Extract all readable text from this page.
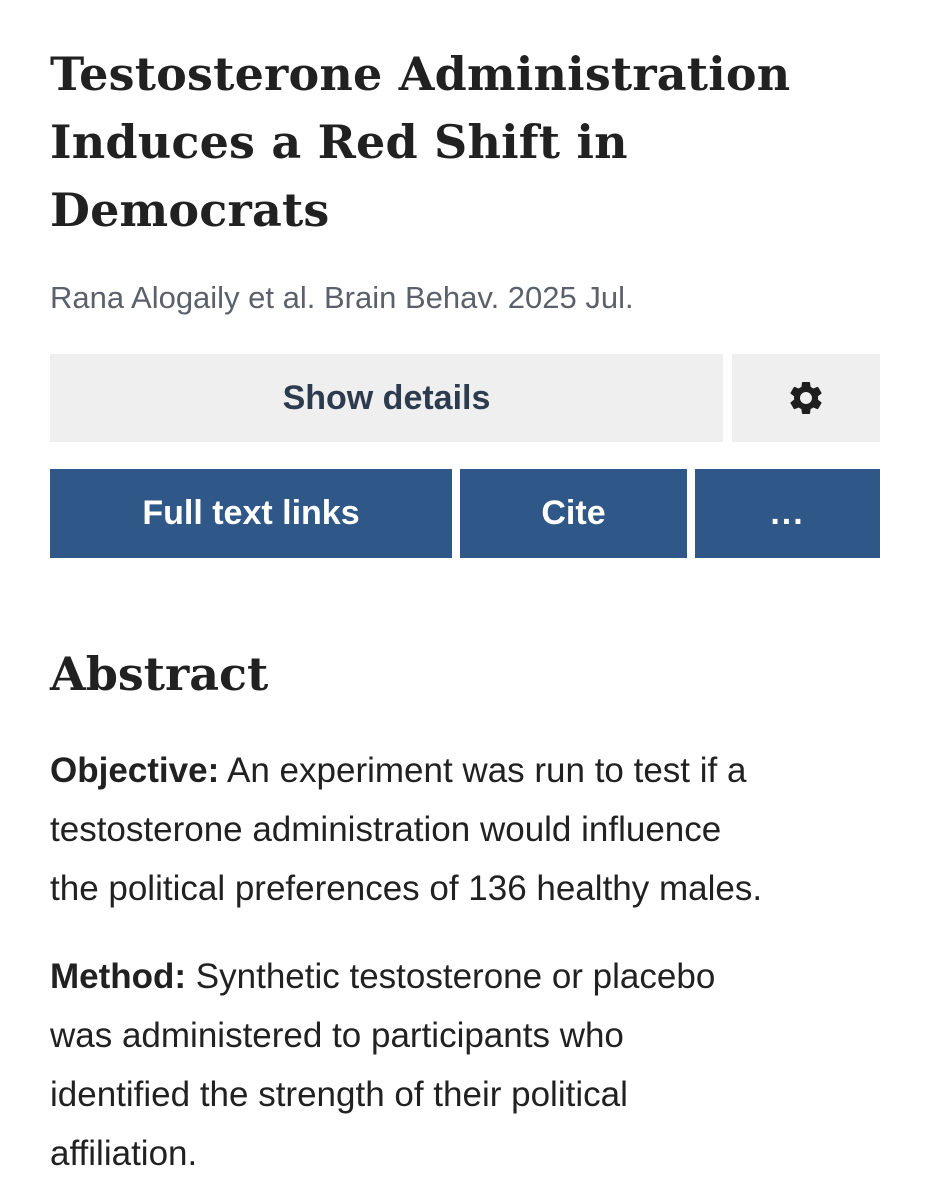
Testosterone Administration
Induces a Red Shift in
Democrats
Rana Alogaily et al. Brain Behav. 2025 Jul.
Show details
Full text links	Cite	...
Abstract

Objective: An experiment was run to test if a
testosterone administration would influence
the political preferences of 136 healthy males.

Method: Synthetic testosterone or placebo
was administered to participants who
identified the strength of their political
affiliation.
